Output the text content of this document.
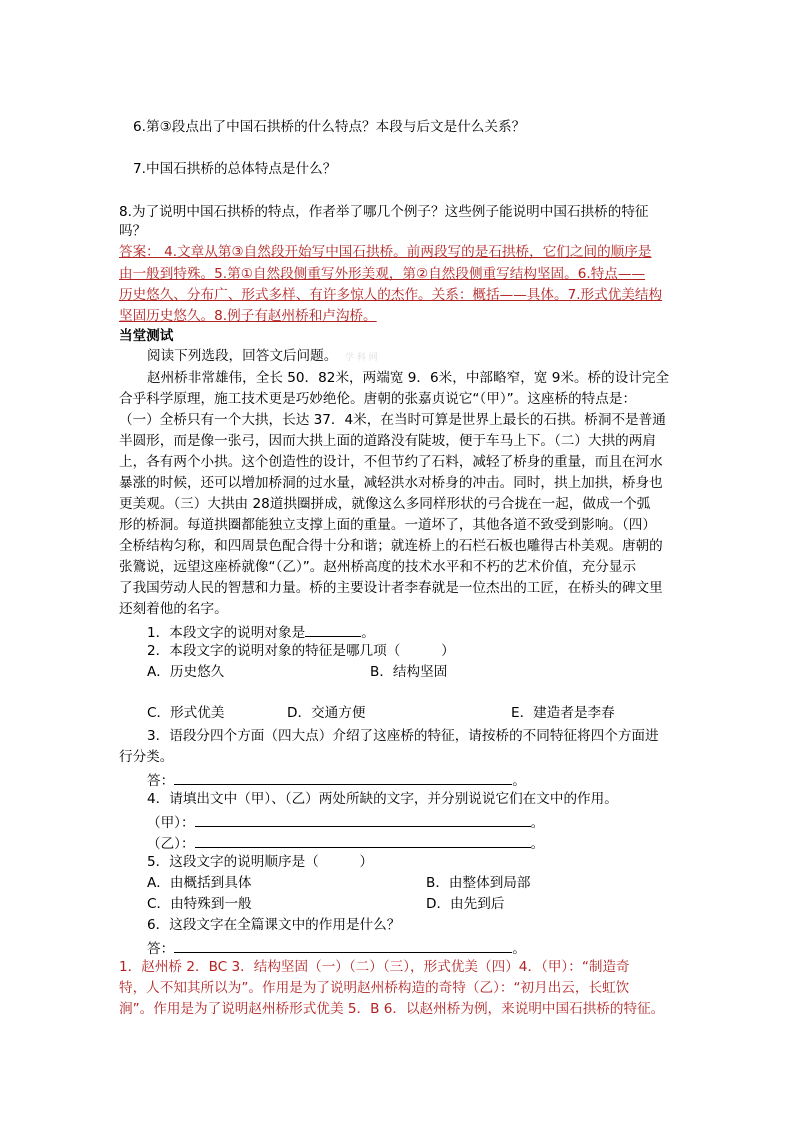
6.第③段点出了中国石拱桥的什么特点？本段与后文是什么关系？
7.中国石拱桥的总体特点是什么？
8.为了说明中国石拱桥的特点，作者举了哪几个例子？这些例子能说明中国石拱桥的特征
吗？
答案： 4.文章从第③自然段开始写中国石拱桥。前两段写的是石拱桥，它们之间的顺序是
由一般到特殊。5.第①自然段侧重写外形美观，第②自然段侧重写结构坚固。6.特点——
历史悠久、分布广、形式多样、有许多惊人的杰作。关系：概括——具体。7.形式优美结构
坚固历史悠久。8.例子有赵州桥和卢沟桥。
当堂测试
阅读下列选段，回答文后问题。 学 科 网
赵州桥非常雄伟，全长 50．82米，两端宽 9．6米，中部略窄，宽 9米。桥的设计完全
合乎科学原理，施工技术更是巧妙绝伦。唐朝的张嘉贞说它“（甲）”。这座桥的特点是：
（一）全桥只有一个大拱，长达 37．4米，在当时可算是世界上最长的石拱。桥洞不是普通
半圆形，而是像一张弓，因而大拱上面的道路没有陡坡，便于车马上下。（二）大拱的两肩
上，各有两个小拱。这个创造性的设计，不但节约了石料，减轻了桥身的重量，而且在河水
暴涨的时候，还可以增加桥洞的过水量，减轻洪水对桥身的冲击。同时，拱上加拱，桥身也
更美观。（三）大拱由 28道拱圈拼成，就像这么多同样形状的弓合拢在一起，做成一个弧
形的桥洞。每道拱圈都能独立支撑上面的重量。一道坏了，其他各道不致受到影响。（四）
全桥结构匀称，和四周景色配合得十分和谐；就连桥上的石栏石板也雕得古朴美观。唐朝的
张鷟说，远望这座桥就像“（乙）”。赵州桥高度的技术水平和不朽的艺术价值，充分显示
了我国劳动人民的智慧和力量。桥的主要设计者李春就是一位杰出的工匠，在桥头的碑文里
还刻着他的名字。
1．本段文字的说明对象是	。
2．本段文字的说明对象的特征是哪几项（　　　）
A．历史悠久	B．结构坚固
C．形式优美	D．交通方便	E．建造者是李春
3．语段分四个方面（四大点）介绍了这座桥的特征，请按桥的不同特征将四个方面进
行分类。
答：	。
4．请填出文中（甲）、（乙）两处所缺的文字，并分别说说它们在文中的作用。
（甲）：	。
（乙）：	。
5．这段文字的说明顺序是（　　　）
A．由概括到具体	B．由整体到局部
C．由特殊到一般	D．由先到后
6．这段文字在全篇课文中的作用是什么？
答：	。
1．赵州桥 2．BC 3．结构坚固（一）（二）（三），形式优美（四）4．（甲）：“制造奇
特，人不知其所以为”。作用是为了说明赵州桥构造的奇特（乙）：“初月出云，长虹饮
涧”。作用是为了说明赵州桥形式优美 5．B 6．以赵州桥为例，来说明中国石拱桥的特征。
